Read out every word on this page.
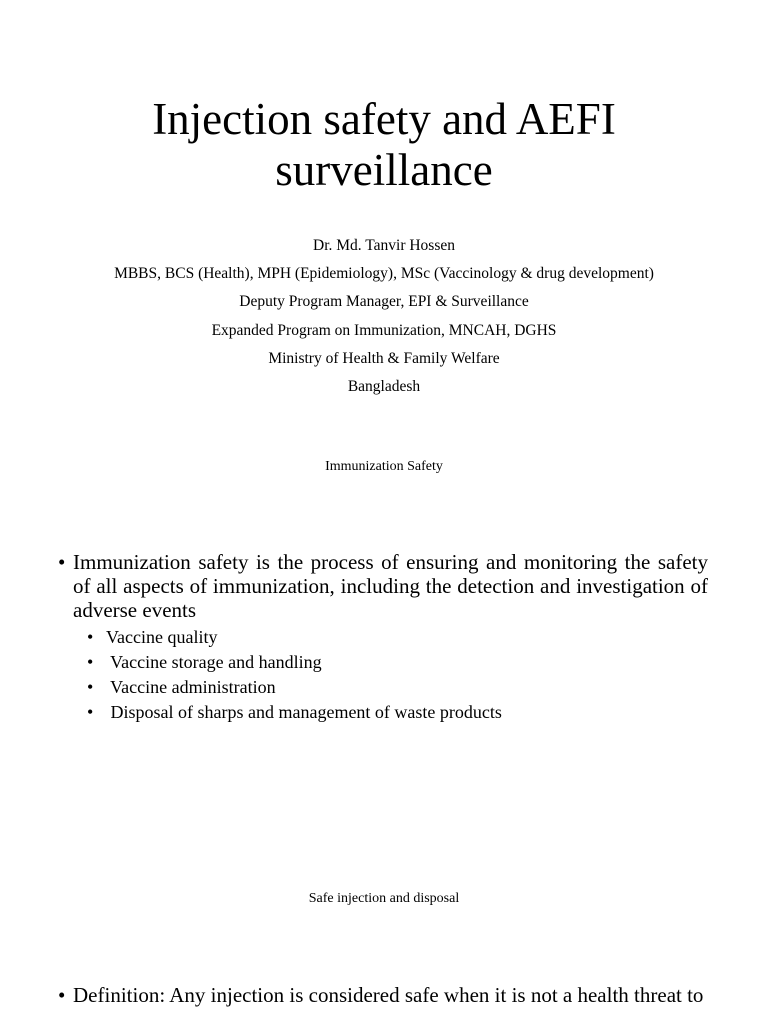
Injection safety and AEFI
surveillance
Dr. Md. Tanvir Hossen
MBBS, BCS (Health), MPH (Epidemiology), MSc (Vaccinology & drug development)
Deputy Program Manager, EPI & Surveillance
Expanded Program on Immunization, MNCAH, DGHS
Ministry of Health & Family Welfare
Bangladesh
Immunization Safety
• Immunization safety is the process of ensuring and monitoring the safety of all aspects of immunization, including the detection and investigation of adverse events
• Vaccine quality
• Vaccine storage and handling
• Vaccine administration
• Disposal of sharps and management of waste products
Safe injection and disposal
• Definition: Any injection is considered safe when it is not a health threat to
